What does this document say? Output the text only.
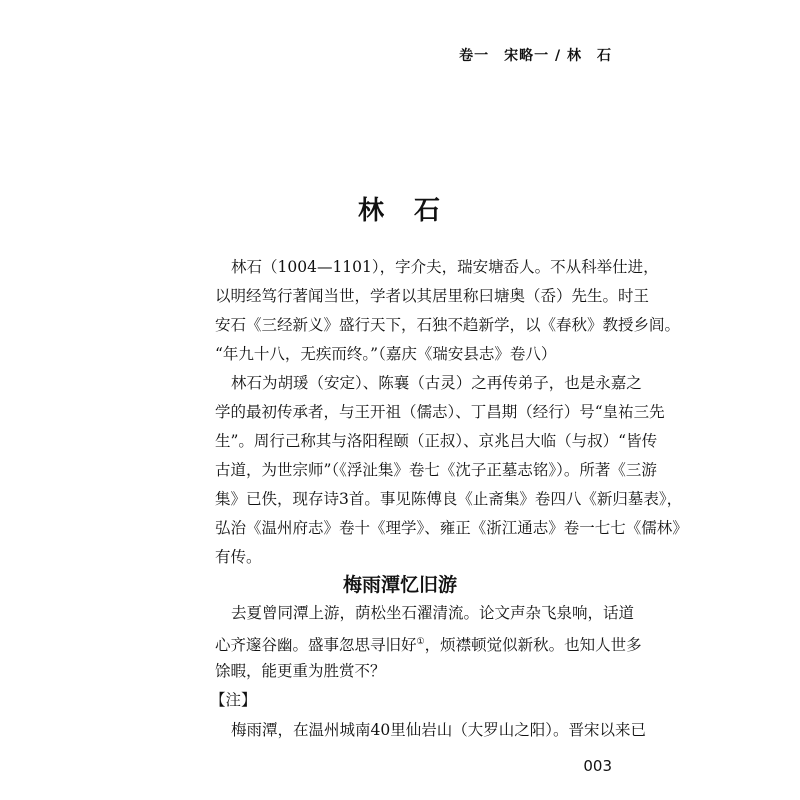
卷一　宋略一 / 林　石
林　石
林石（1004—1101），字介夫，瑞安塘岙人。不从科举仕进，
以明经笃行著闻当世，学者以其居里称曰塘奥（岙）先生。时王
安石《三经新义》盛行天下，石独不趋新学，以《春秋》教授乡闾。
“年九十八，无疾而终。”（嘉庆《瑞安县志》卷八）
林石为胡瑗（安定）、陈襄（古灵）之再传弟子，也是永嘉之
学的最初传承者，与王开祖（儒志）、丁昌期（经行）号“皇祐三先
生”。周行己称其与洛阳程颐（正叔）、京兆吕大临（与叔）“皆传
古道，为世宗师”（《浮沚集》卷七《沈子正墓志铭》）。所著《三游
集》已佚，现存诗3首。事见陈傅良《止斋集》卷四八《新归墓表》，
弘治《温州府志》卷十《理学》、雍正《浙江通志》卷一七七《儒林》
有传。
梅雨潭忆旧游
去夏曾同潭上游，荫松坐石濯清流。论文声杂飞泉响，话道
心齐邃谷幽。盛事忽思寻旧好①，烦襟顿觉似新秋。也知人世多
馀暇，能更重为胜赏不？
【注】
梅雨潭，在温州城南40里仙岩山（大罗山之阳）。晋宋以来已
003
